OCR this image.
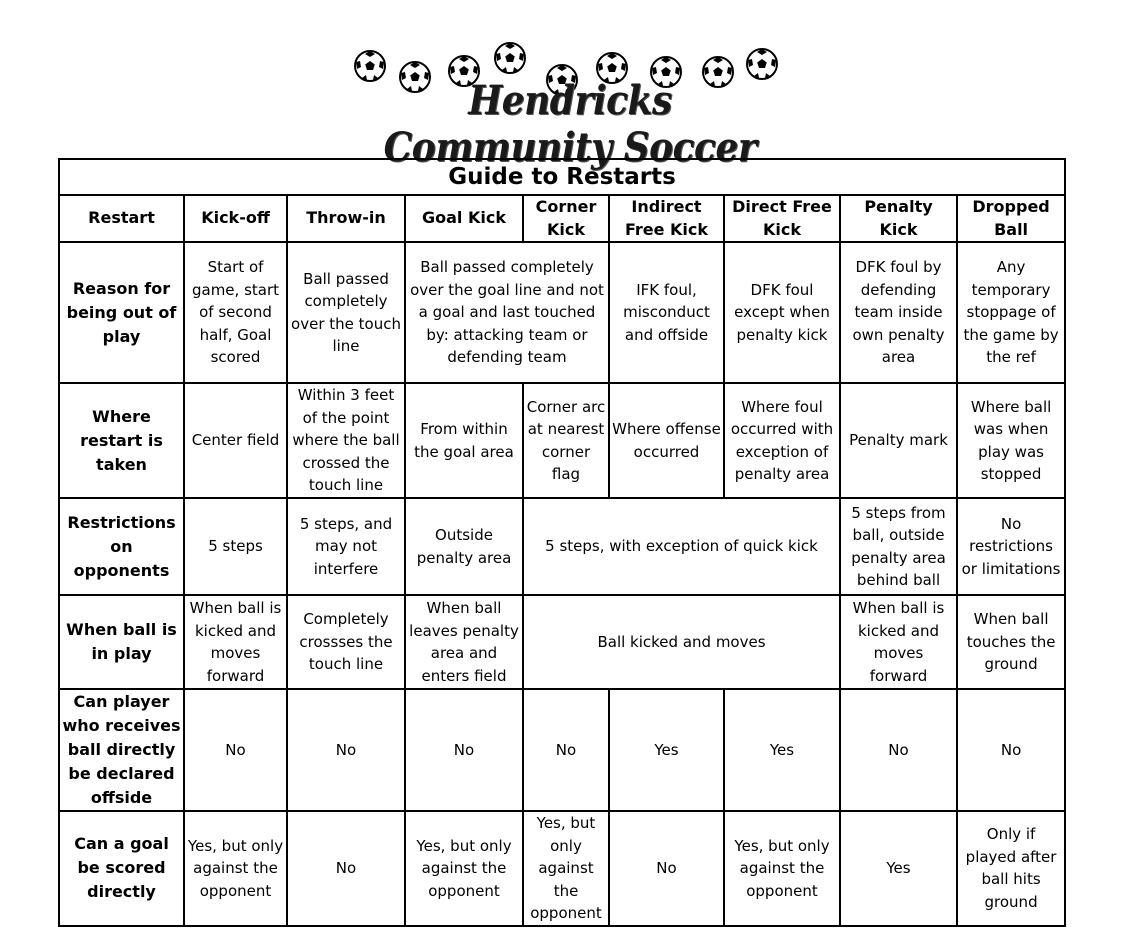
Hendricks Community Soccer
Guide to Restarts								
Restart	Kick-off	Throw-in	Goal Kick	Corner Kick	Indirect Free Kick	Direct Free Kick	Penalty Kick	Dropped Ball
Reason for being out of play	Start of game, start of second half, Goal scored	Ball passed completely over the touch line	Ball passed completely over the goal line and not a goal and last touched by: attacking team or defending team		IFK foul, misconduct and offside	DFK foul except when penalty kick	DFK foul by defending team inside own penalty area	Any temporary stoppage of the game by the ref
Where restart is taken	Center field	Within 3 feet of the point where the ball crossed the touch line	From within the goal area	Corner arc at nearest corner flag	Where offense occurred	Where foul occurred with exception of penalty area	Penalty mark	Where ball was when play was stopped
Restrictions on opponents	5 steps	5 steps, and may not interfere	Outside penalty area	5 steps, with exception of quick kick			5 steps from ball, outside penalty area behind ball	No restrictions or limitations
When ball is in play	When ball is kicked and moves forward	Completely crossses the touch line	When ball leaves penalty area and enters field	Ball kicked and moves			When ball is kicked and moves forward	When ball touches the ground
Can player who receives ball directly be declared offside	No	No	No	No	Yes	Yes	No	No
Can a goal be scored directly	Yes, but only against the opponent	No	Yes, but only against the opponent	Yes, but only against the opponent	No	Yes, but only against the opponent	Yes	Only if played after ball hits ground
